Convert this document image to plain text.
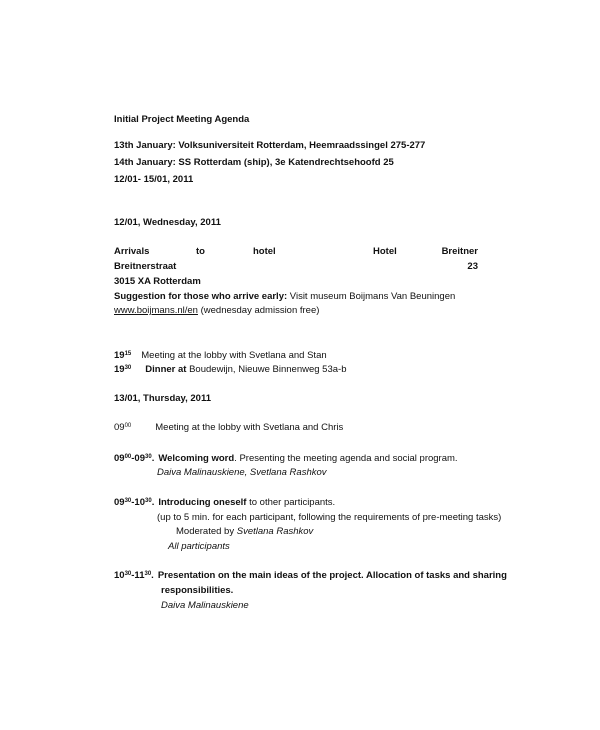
Initial Project Meeting Agenda
13th January: Volksuniversiteit Rotterdam, Heemraadssingel 275-277
14th January: SS Rotterdam (ship), 3e Katendrechtsehoofd 25
12/01- 15/01, 2011
12/01, Wednesday, 2011
Arrivals	to	hotel	Hotel	Breitner
Breitnerstraat	23
3015 XA Rotterdam
Suggestion for those who arrive early: Visit museum Boijmans Van Beuningen
www.boijmans.nl/en (wednesday admission free)
$19^{15}$ Meeting at the lobby with Svetlana and Stan
$19^{30}$ Dinner at Boudewijn, Nieuwe Binnenweg 53a-b
13/01, Thursday, 2011
$09^{00}$	Meeting at the lobby with Svetlana and Chris
$09^{00}-09^{30}$. Welcoming word. Presenting the meeting agenda and social program.
Daiva Malinauskiene, Svetlana Rashkov
$09^{30}-10^{30}$. Introducing oneself to other participants.
(up to 5 min. for each participant, following the requirements of pre-meeting tasks)
Moderated by Svetlana Rashkov
All participants
$10^{30}-11^{30}$. Presentation on the main ideas of the project. Allocation of tasks and sharing
responsibilities.
Daiva Malinauskiene
